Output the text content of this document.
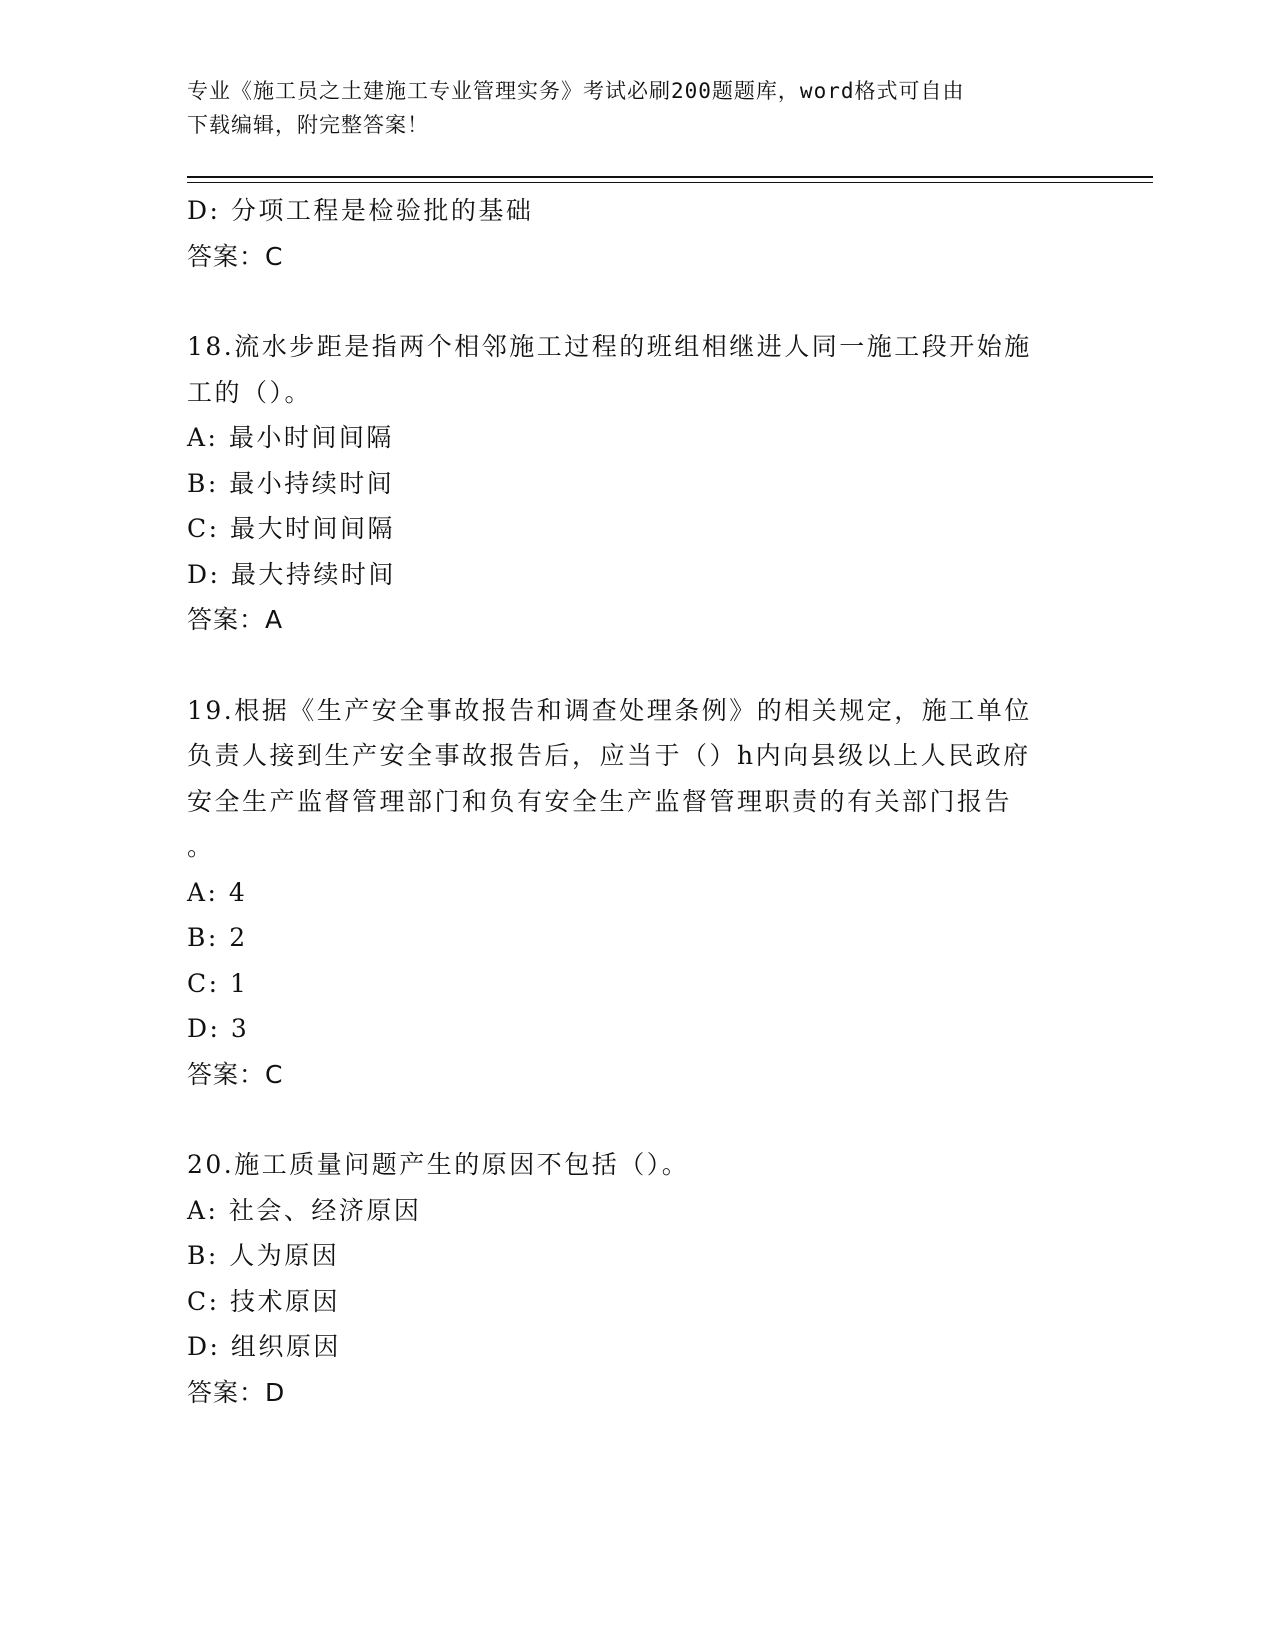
专业《施工员之土建施工专业管理实务》考试必刷200题题库，word格式可自由
下载编辑，附完整答案！
D: 分项工程是检验批的基础
答案：C
18.流水步距是指两个相邻施工过程的班组相继进人同一施工段开始施
工的（）。
A: 最小时间间隔
B: 最小持续时间
C: 最大时间间隔
D: 最大持续时间
答案：A
19.根据《生产安全事故报告和调查处理条例》的相关规定，施工单位
负责人接到生产安全事故报告后，应当于（）h内向县级以上人民政府
安全生产监督管理部门和负有安全生产监督管理职责的有关部门报告
。
A: 4
B: 2
C: 1
D: 3
答案：C
20.施工质量问题产生的原因不包括（）。
A: 社会、经济原因
B: 人为原因
C: 技术原因
D: 组织原因
答案：D
